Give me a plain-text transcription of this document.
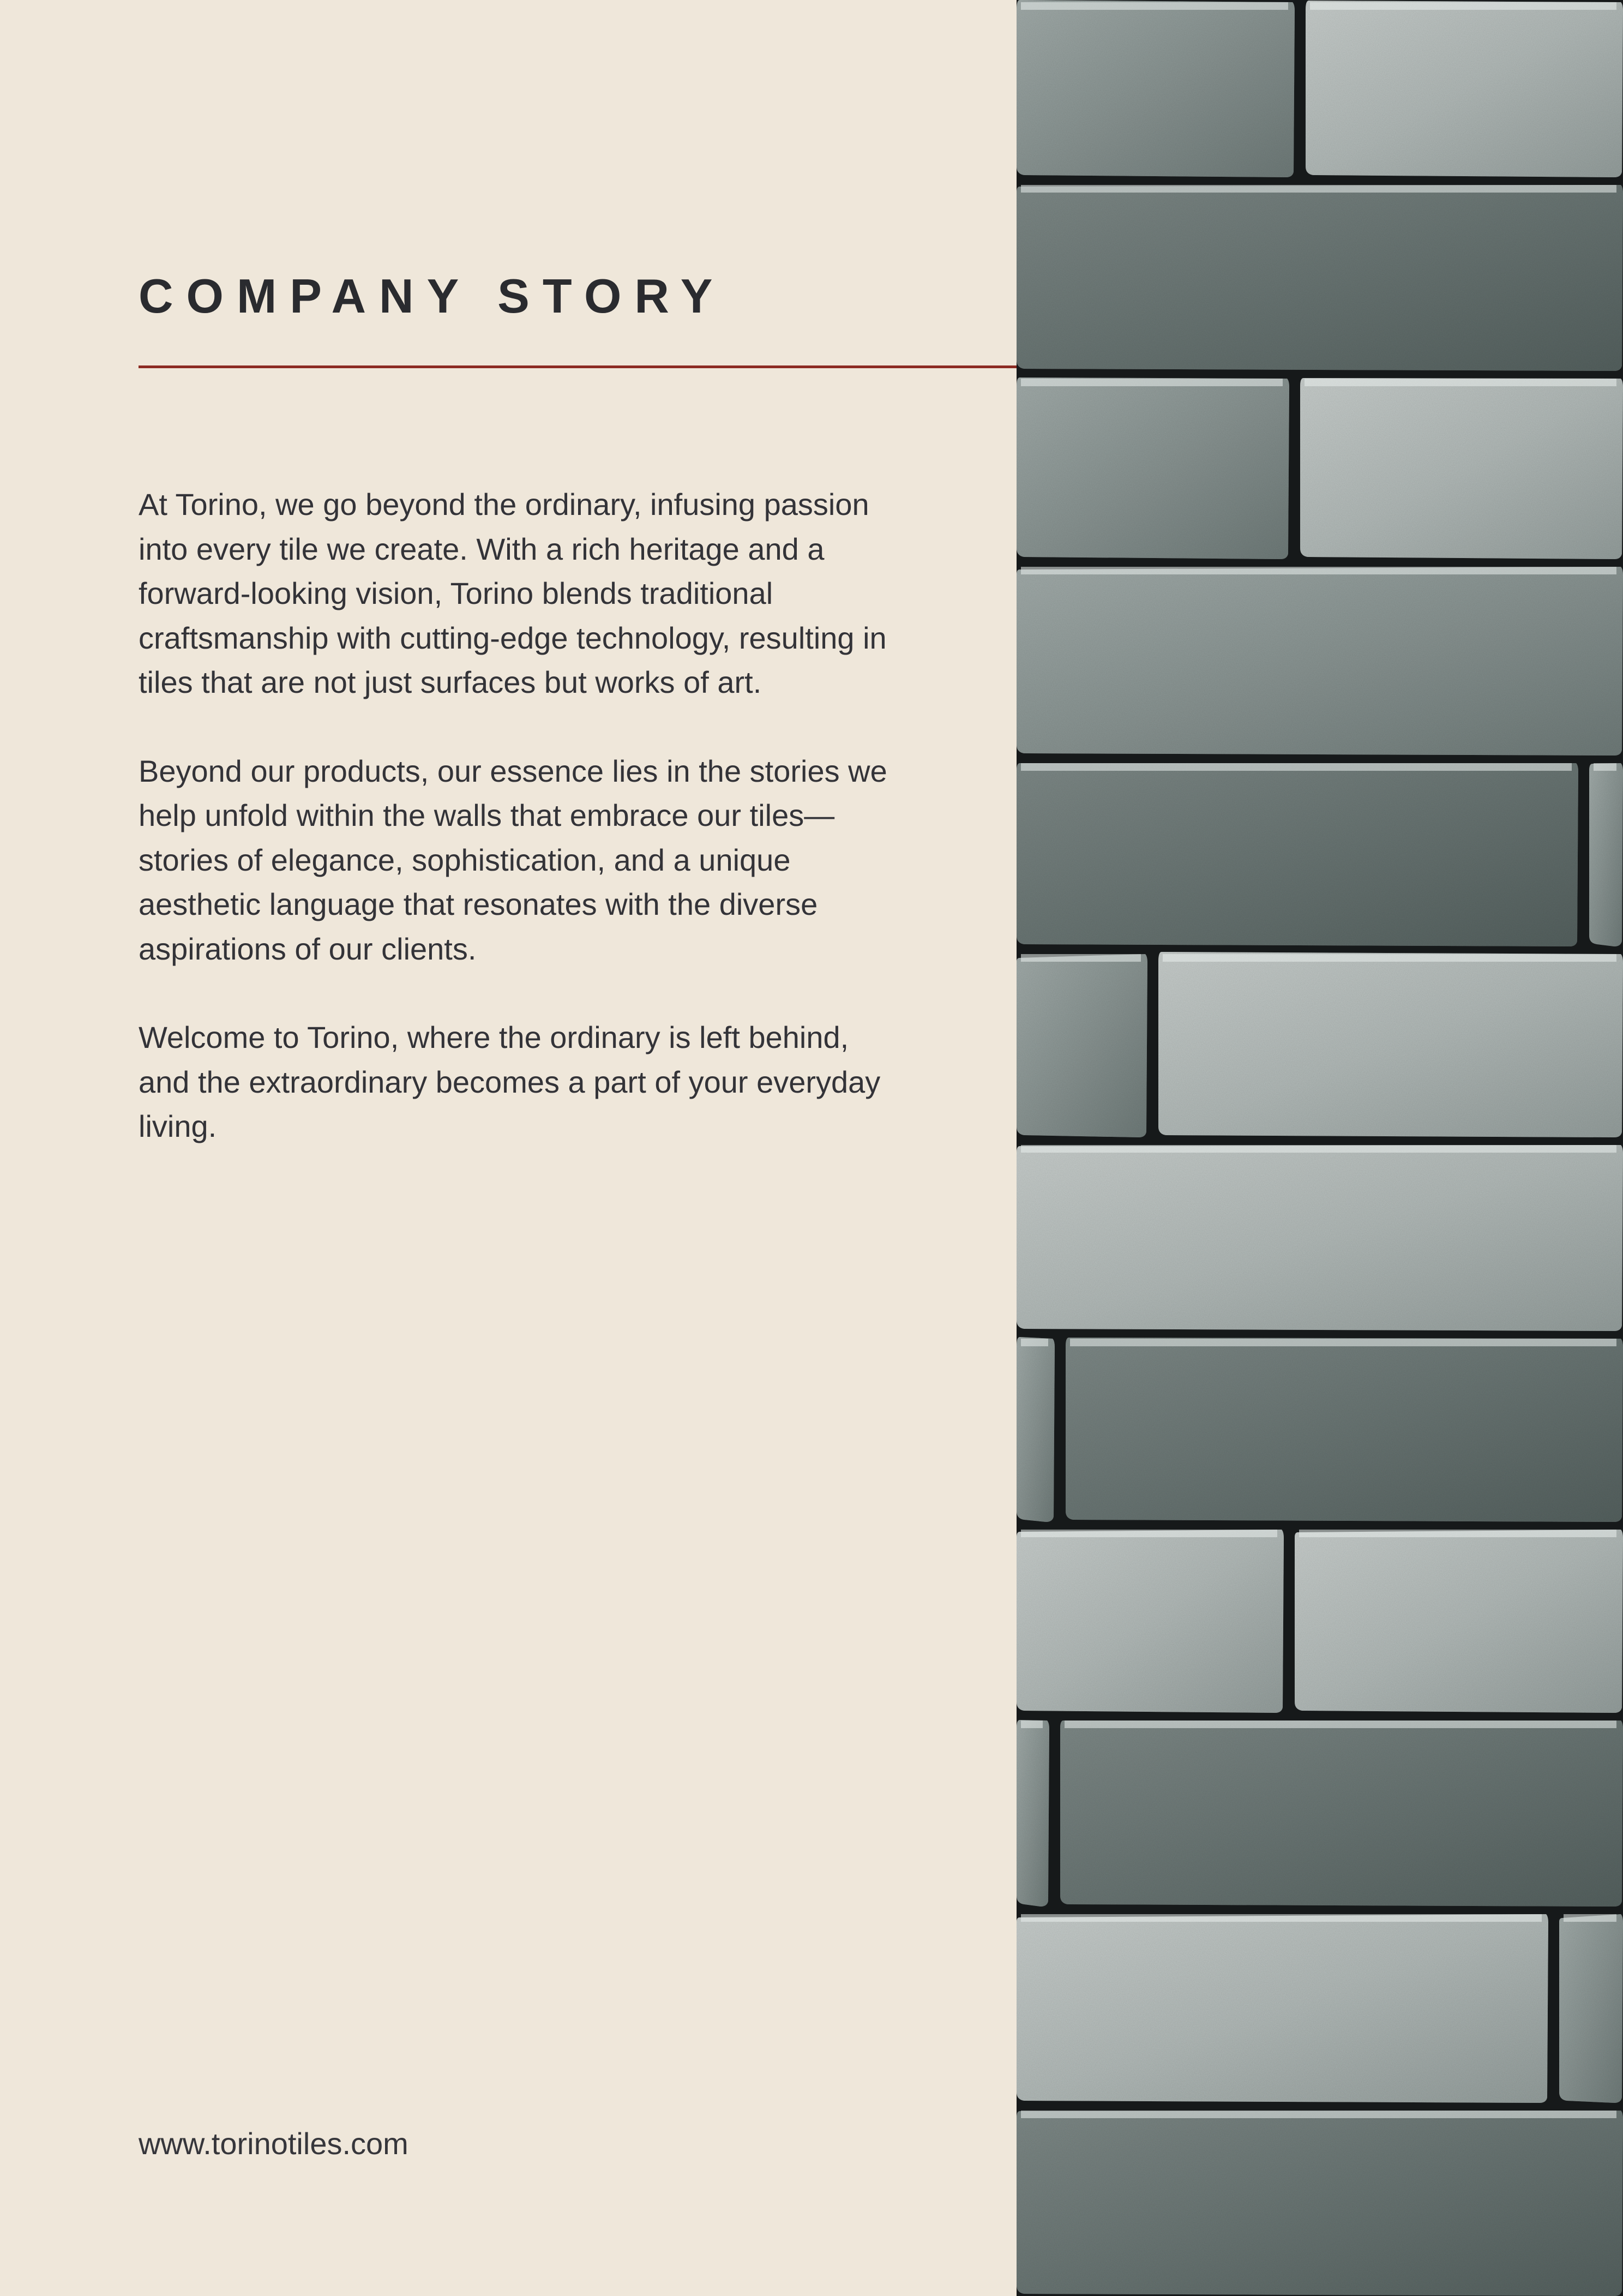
COMPANY STORY

At Torino, we go beyond the ordinary, infusing passion into every tile we create. With a rich heritage and a forward-looking vision, Torino blends traditional craftsmanship with cutting-edge technology, resulting in tiles that are not just surfaces but works of art.

Beyond our products, our essence lies in the stories we help unfold within the walls that embrace our tiles—stories of elegance, sophistication, and a unique aesthetic language that resonates with the diverse aspirations of our clients.

Welcome to Torino, where the ordinary is left behind, and the extraordinary becomes a part of your everyday living.

www.torinotiles.com
